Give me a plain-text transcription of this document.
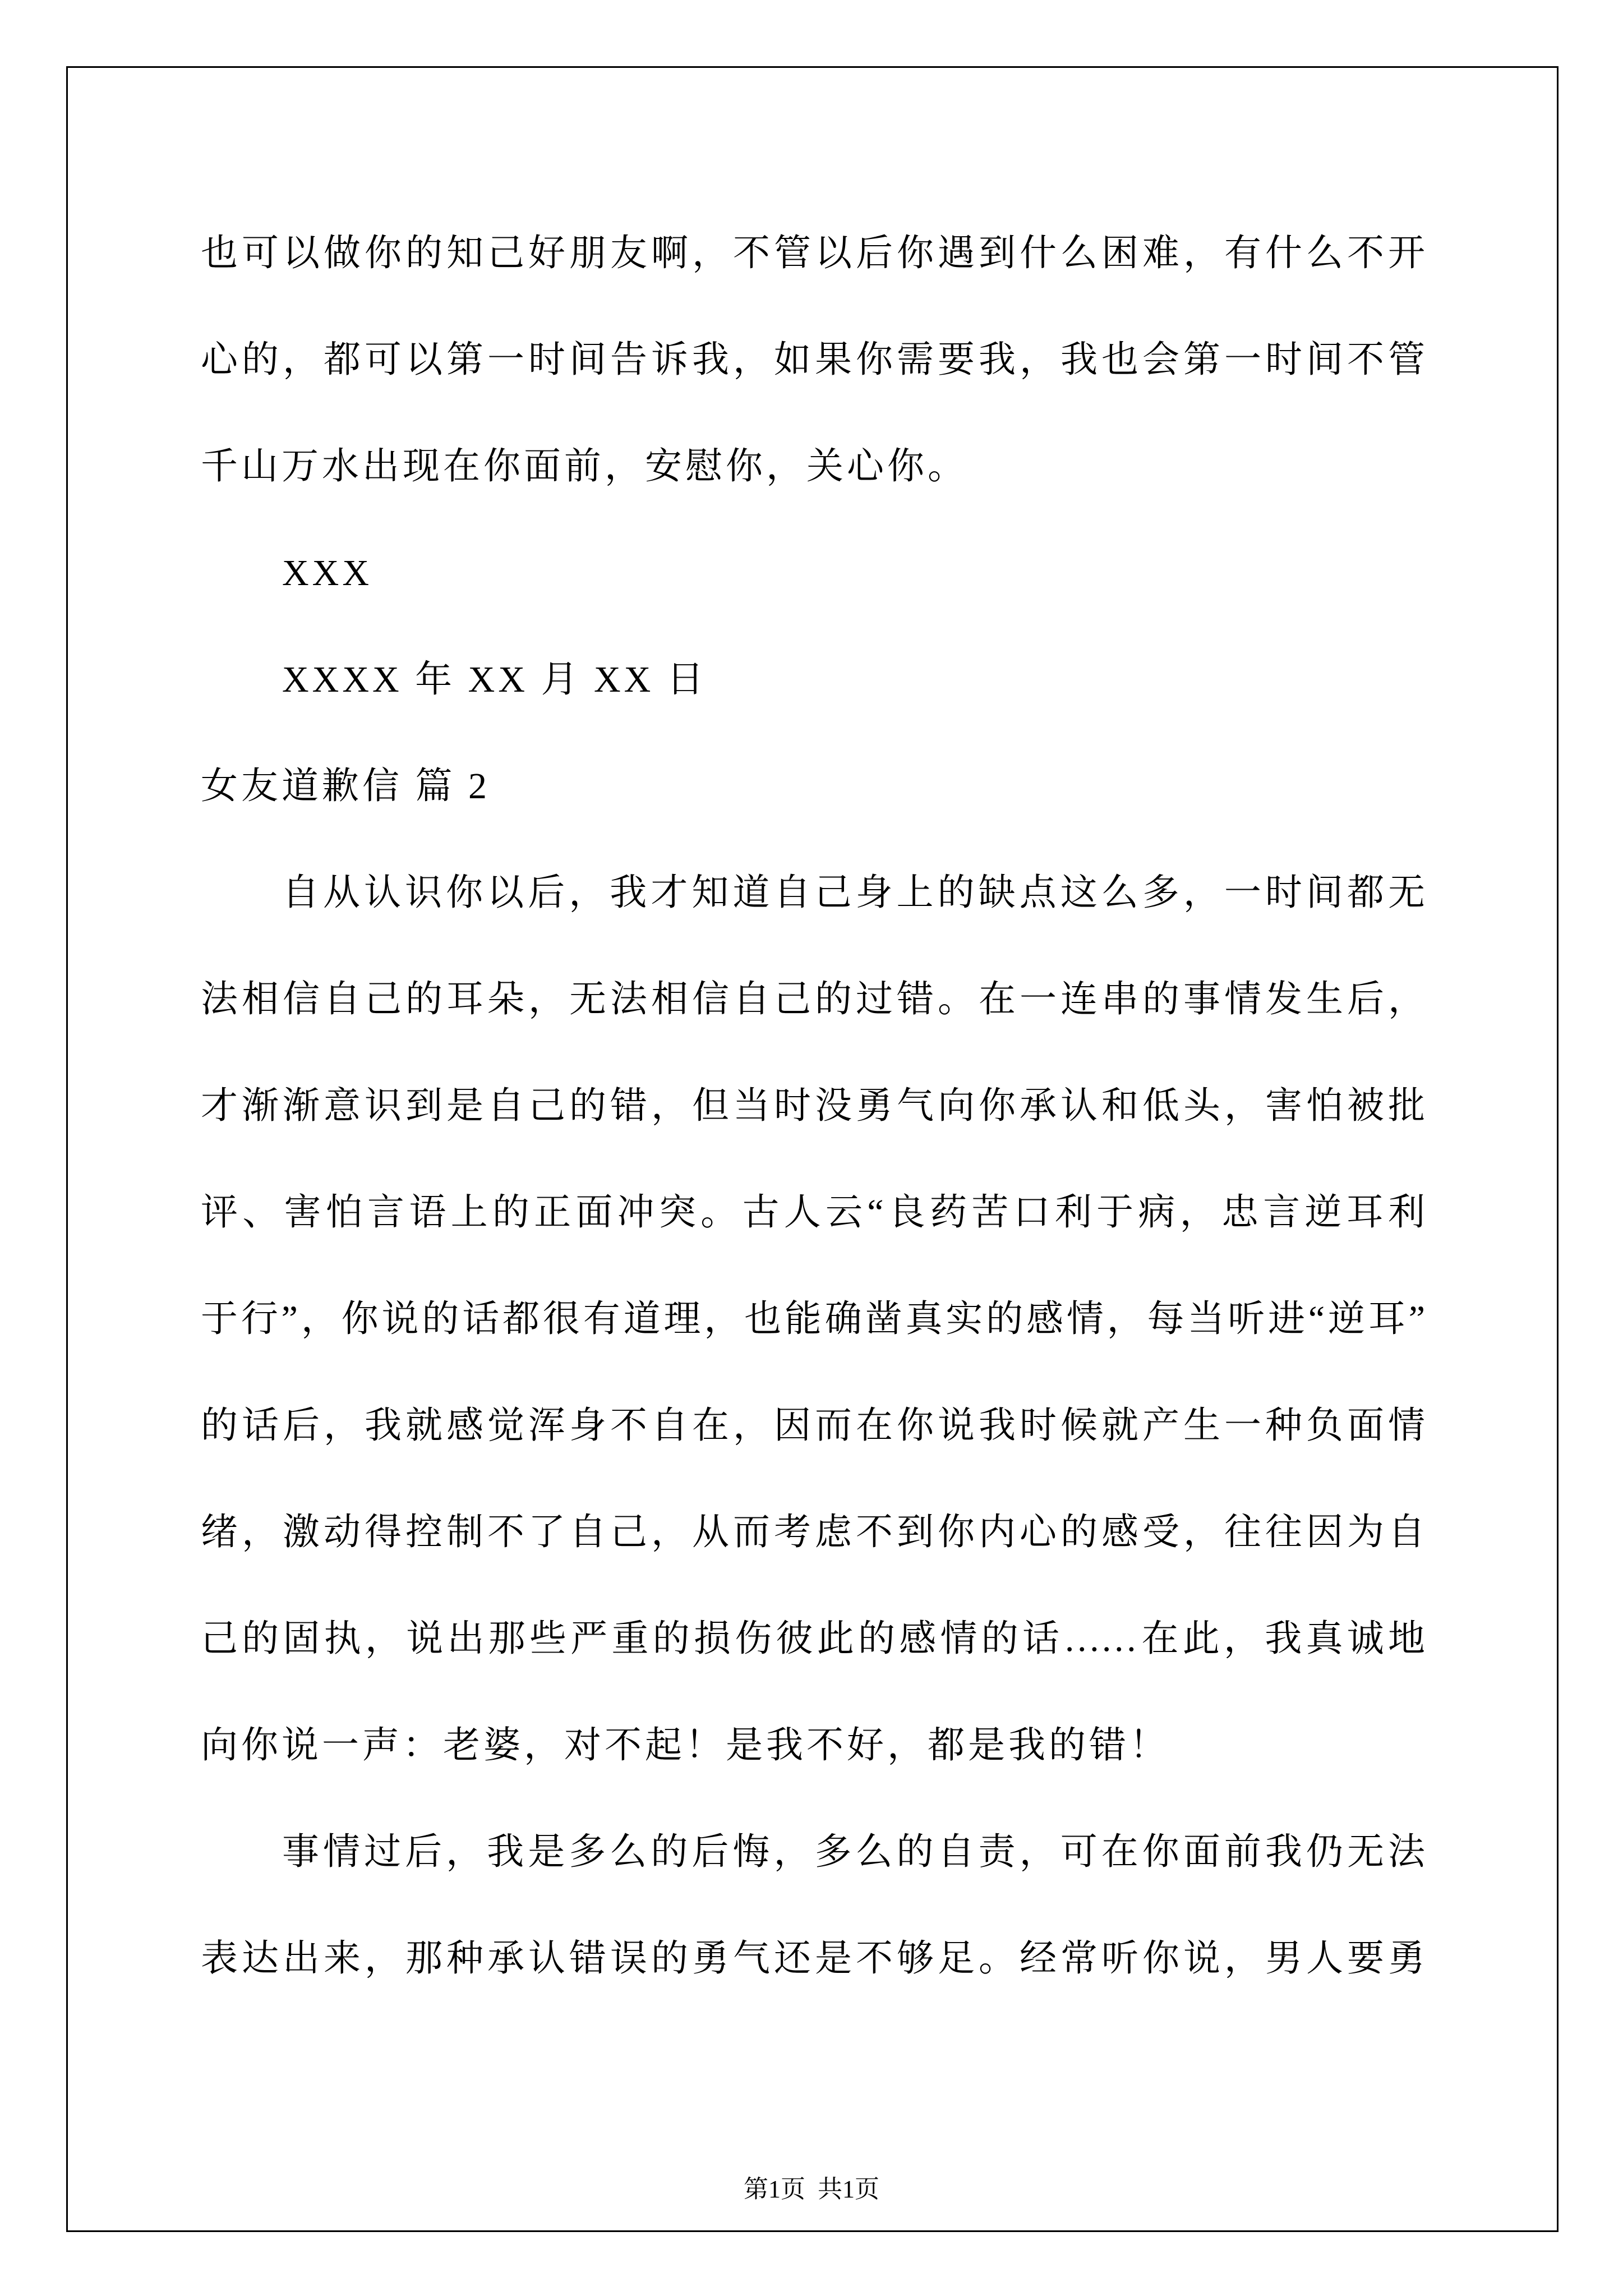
也可以做你的知己好朋友啊，不管以后你遇到什么困难，有什么不开
心的，都可以第一时间告诉我，如果你需要我，我也会第一时间不管
千山万水出现在你面前，安慰你，关心你。
XXX
XXXX 年 XX 月 XX 日
女友道歉信 篇 2
自从认识你以后，我才知道自己身上的缺点这么多，一时间都无
法相信自己的耳朵，无法相信自己的过错。在一连串的事情发生后，
才渐渐意识到是自己的错，但当时没勇气向你承认和低头，害怕被批
评、害怕言语上的正面冲突。古人云“良药苦口利于病，忠言逆耳利
于行”，你说的话都很有道理，也能确凿真实的感情，每当听进“逆耳”
的话后，我就感觉浑身不自在，因而在你说我时候就产生一种负面情
绪，激动得控制不了自己，从而考虑不到你内心的感受，往往因为自
己的固执，说出那些严重的损伤彼此的感情的话……在此，我真诚地
向你说一声：老婆，对不起！是我不好，都是我的错！
事情过后，我是多么的后悔，多么的自责，可在你面前我仍无法
表达出来，那种承认错误的勇气还是不够足。经常听你说，男人要勇
第1页  共1页
